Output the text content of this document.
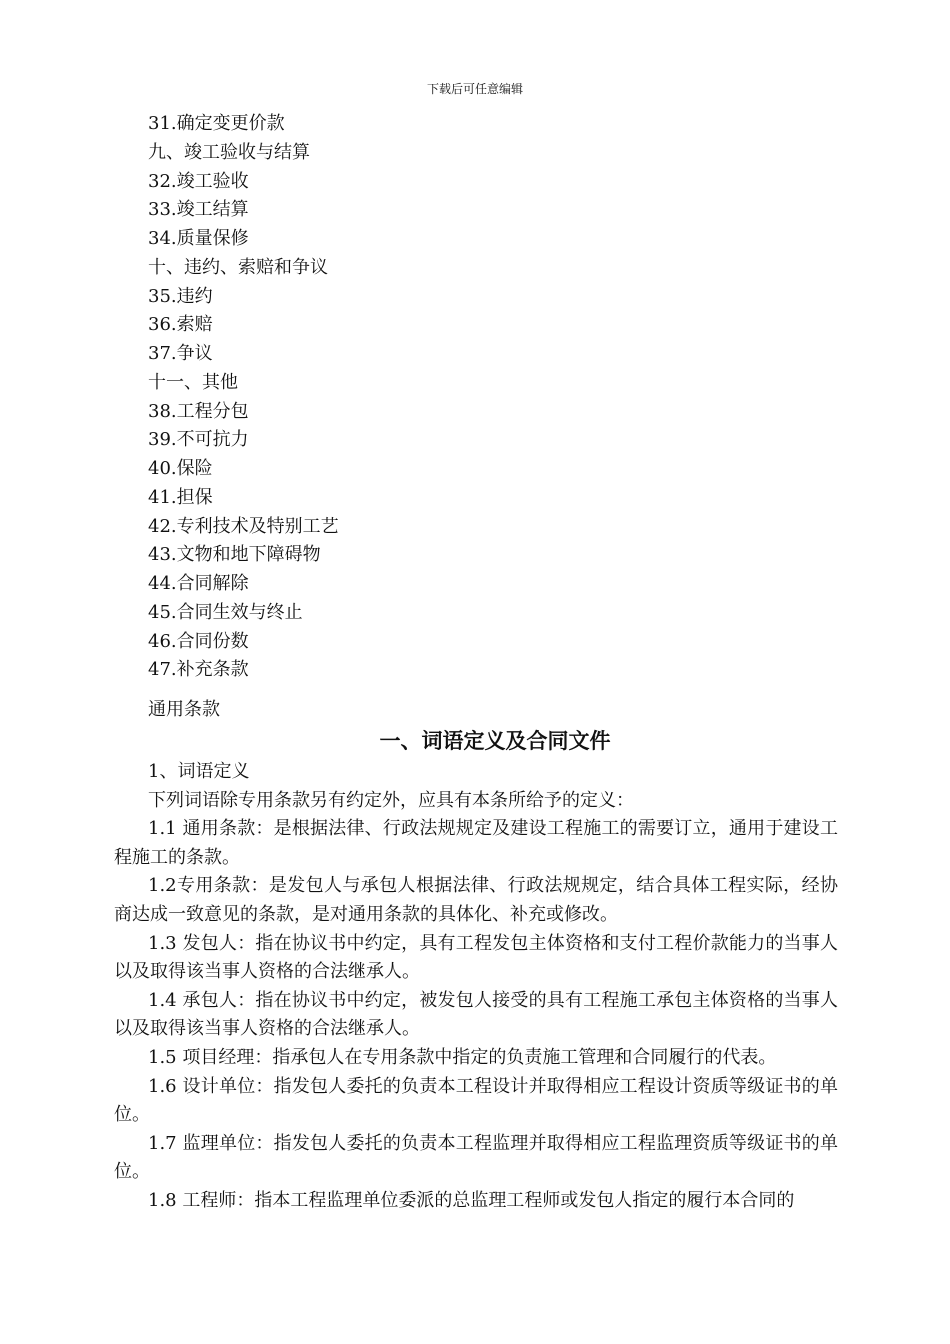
下载后可任意编辑
31.确定变更价款
九、竣工验收与结算
32.竣工验收
33.竣工结算
34.质量保修
十、违约、索赔和争议
35.违约
36.索赔
37.争议
十一、其他
38.工程分包
39.不可抗力
40.保险
41.担保
42.专利技术及特别工艺
43.文物和地下障碍物
44.合同解除
45.合同生效与终止
46.合同份数
47.补充条款
通用条款
一、词语定义及合同文件

1、词语定义

下列词语除专用条款另有约定外，应具有本条所给予的定义：

1.1 通用条款：是根据法律、行政法规规定及建设工程施工的需要订立，通用于建设工程施工的条款。

1.2专用条款：是发包人与承包人根据法律、行政法规规定，结合具体工程实际，经协商达成一致意见的条款，是对通用条款的具体化、补充或修改。

1.3 发包人：指在协议书中约定，具有工程发包主体资格和支付工程价款能力的当事人以及取得该当事人资格的合法继承人。

1.4 承包人：指在协议书中约定，被发包人接受的具有工程施工承包主体资格的当事人以及取得该当事人资格的合法继承人。

1.5 项目经理：指承包人在专用条款中指定的负责施工管理和合同履行的代表。

1.6 设计单位：指发包人委托的负责本工程设计并取得相应工程设计资质等级证书的单位。

1.7 监理单位：指发包人委托的负责本工程监理并取得相应工程监理资质等级证书的单位。

1.8 工程师：指本工程监理单位委派的总监理工程师或发包人指定的履行本合同的
